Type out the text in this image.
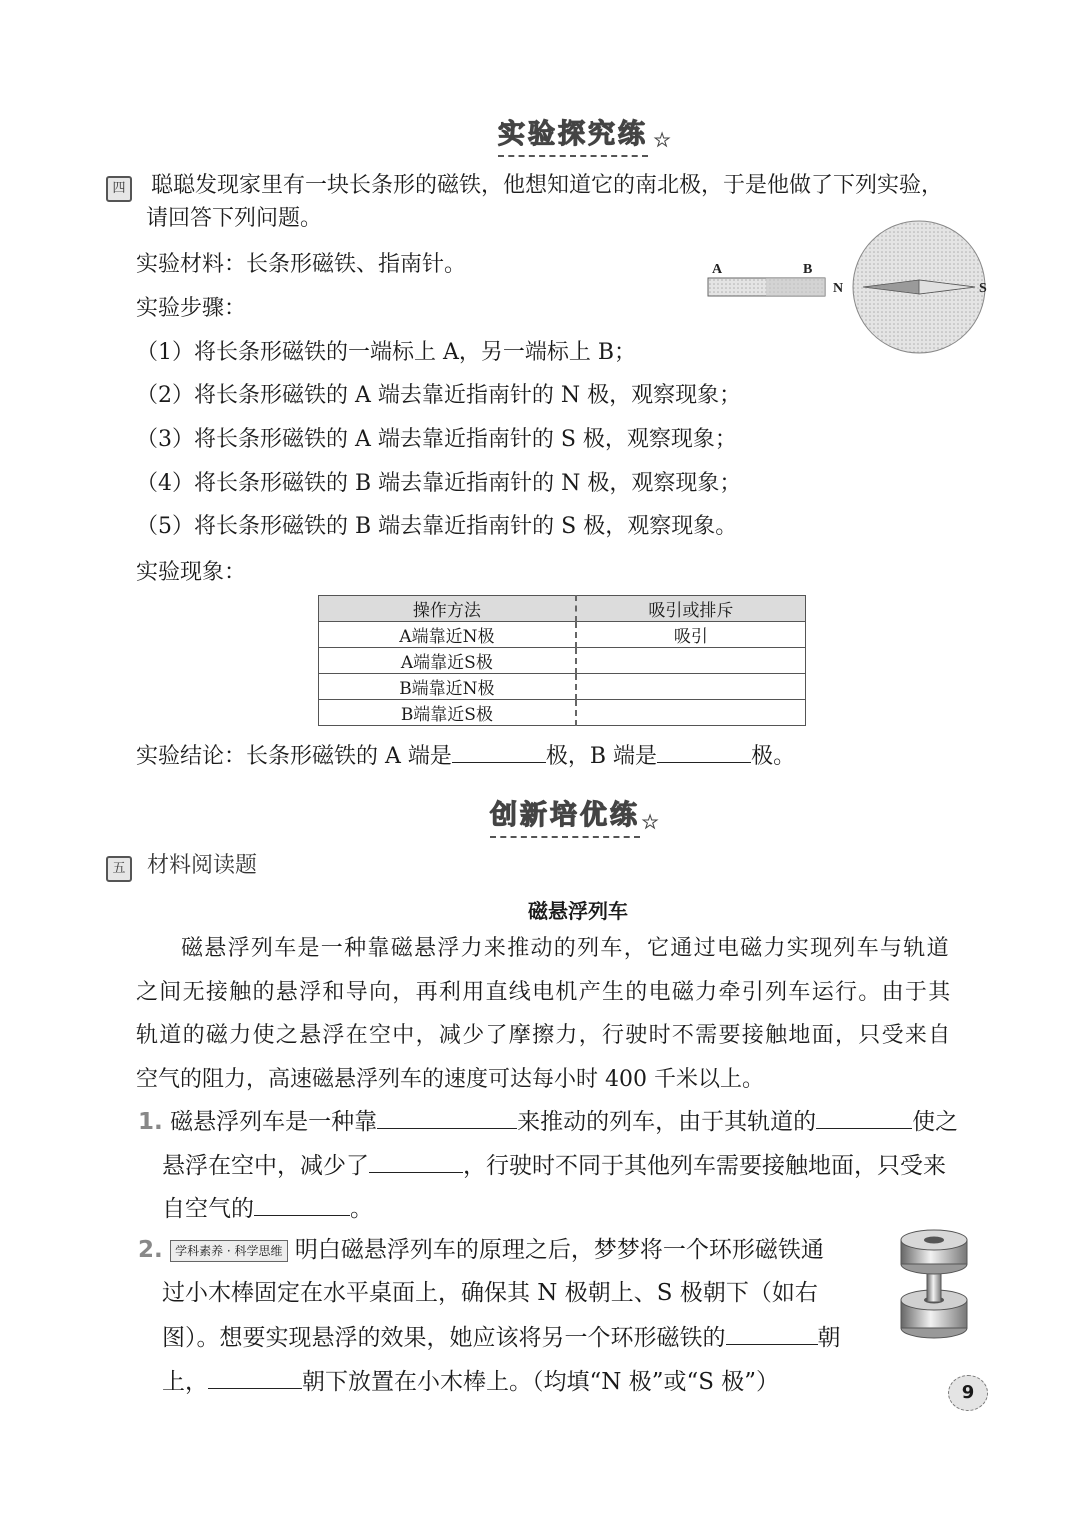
实验探究练 ★
四 聪聪发现家里有一块长条形的磁铁，他想知道它的南北极，于是他做了下列实验，
请回答下列问题。
实验材料：长条形磁铁、指南针。
实验步骤：
（1）将长条形磁铁的一端标上 A，另一端标上 B；
（2）将长条形磁铁的 A 端去靠近指南针的 N 极，观察现象；
（3）将长条形磁铁的 A 端去靠近指南针的 S 极，观察现象；
（4）将长条形磁铁的 B 端去靠近指南针的 N 极，观察现象；
（5）将长条形磁铁的 B 端去靠近指南针的 S 极，观察现象。
实验现象：
A	B
N	S
操作方法	吸引或排斥
A端靠近N极	吸引
A端靠近S极	
B端靠近N极	
B端靠近S极	
实验结论：长条形磁铁的 A 端是	极，B 端是	极。
创新培优练 ★
五 材料阅读题
磁悬浮列车
磁悬浮列车是一种靠磁悬浮力来推动的列车，它通过电磁力实现列车与轨道
之间无接触的悬浮和导向，再利用直线电机产生的电磁力牵引列车运行。由于其
轨道的磁力使之悬浮在空中，减少了摩擦力，行驶时不需要接触地面，只受来自
空气的阻力，高速磁悬浮列车的速度可达每小时 400 千米以上。
1. 磁悬浮列车是一种靠	来推动的列车，由于其轨道的	使之
悬浮在空中，减少了	，行驶时不同于其他列车需要接触地面，只受来
自空气的	。
2. 学科素养 · 科学思维 明白磁悬浮列车的原理之后，梦梦将一个环形磁铁通
过小木棒固定在水平桌面上，确保其 N 极朝上、S 极朝下（如右
图）。想要实现悬浮的效果，她应该将另一个环形磁铁的	朝
上，	朝下放置在小木棒上。（均填“N 极”或“S 极”）	9
